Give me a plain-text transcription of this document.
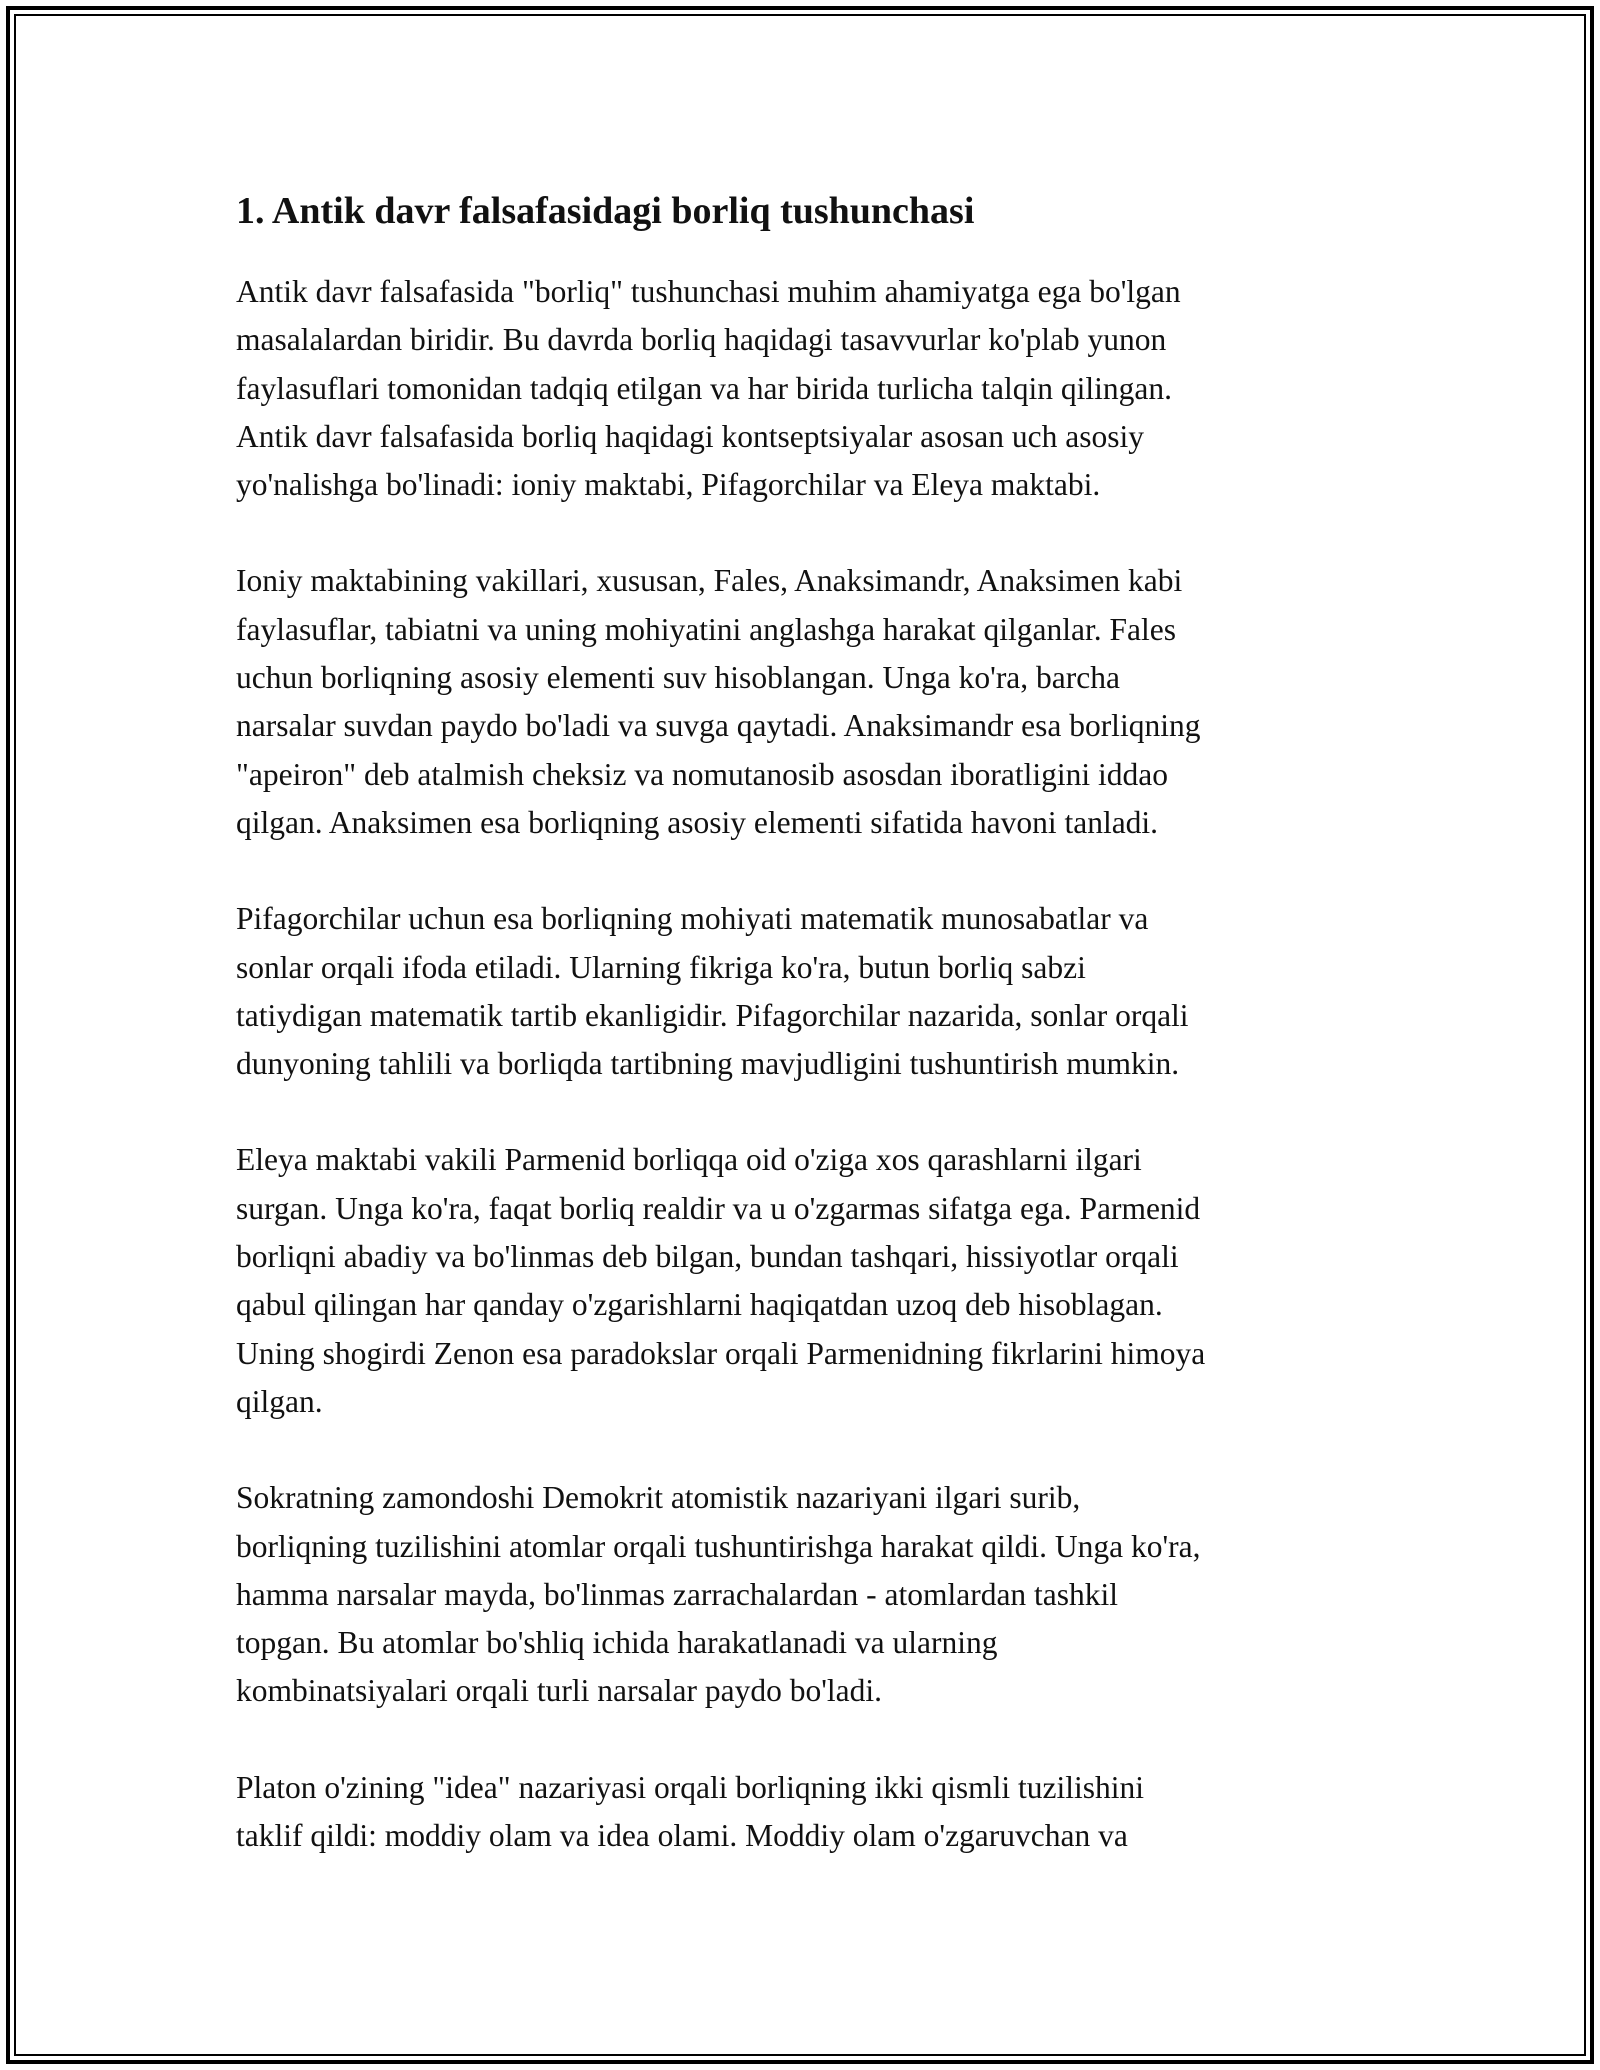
1. Antik davr falsafasidagi borliq tushunchasi

Antik davr falsafasida "borliq" tushunchasi muhim ahamiyatga ega bo'lgan
masalalardan biridir. Bu davrda borliq haqidagi tasavvurlar ko'plab yunon
faylasuflari tomonidan tadqiq etilgan va har birida turlicha talqin qilingan.
Antik davr falsafasida borliq haqidagi kontseptsiyalar asosan uch asosiy
yo'nalishga bo'linadi: ioniy maktabi, Pifagorchilar va Eleya maktabi.

Ioniy maktabining vakillari, xususan, Fales, Anaksimandr, Anaksimen kabi
faylasuflar, tabiatni va uning mohiyatini anglashga harakat qilganlar. Fales
uchun borliqning asosiy elementi suv hisoblangan. Unga ko'ra, barcha
narsalar suvdan paydo bo'ladi va suvga qaytadi. Anaksimandr esa borliqning
"apeiron" deb atalmish cheksiz va nomutanosib asosdan iboratligini iddao
qilgan. Anaksimen esa borliqning asosiy elementi sifatida havoni tanladi.

Pifagorchilar uchun esa borliqning mohiyati matematik munosabatlar va
sonlar orqali ifoda etiladi. Ularning fikriga ko'ra, butun borliq sabzi
tatiydigan matematik tartib ekanligidir. Pifagorchilar nazarida, sonlar orqali
dunyoning tahlili va borliqda tartibning mavjudligini tushuntirish mumkin.

Eleya maktabi vakili Parmenid borliqqa oid o'ziga xos qarashlarni ilgari
surgan. Unga ko'ra, faqat borliq realdir va u o'zgarmas sifatga ega. Parmenid
borliqni abadiy va bo'linmas deb bilgan, bundan tashqari, hissiyotlar orqali
qabul qilingan har qanday o'zgarishlarni haqiqatdan uzoq deb hisoblagan.
Uning shogirdi Zenon esa paradokslar orqali Parmenidning fikrlarini himoya
qilgan.

Sokratning zamondoshi Demokrit atomistik nazariyani ilgari surib,
borliqning tuzilishini atomlar orqali tushuntirishga harakat qildi. Unga ko'ra,
hamma narsalar mayda, bo'linmas zarrachalardan - atomlardan tashkil
topgan. Bu atomlar bo'shliq ichida harakatlanadi va ularning
kombinatsiyalari orqali turli narsalar paydo bo'ladi.

Platon o'zining "idea" nazariyasi orqali borliqning ikki qismli tuzilishini
taklif qildi: moddiy olam va idea olami. Moddiy olam o'zgaruvchan va
